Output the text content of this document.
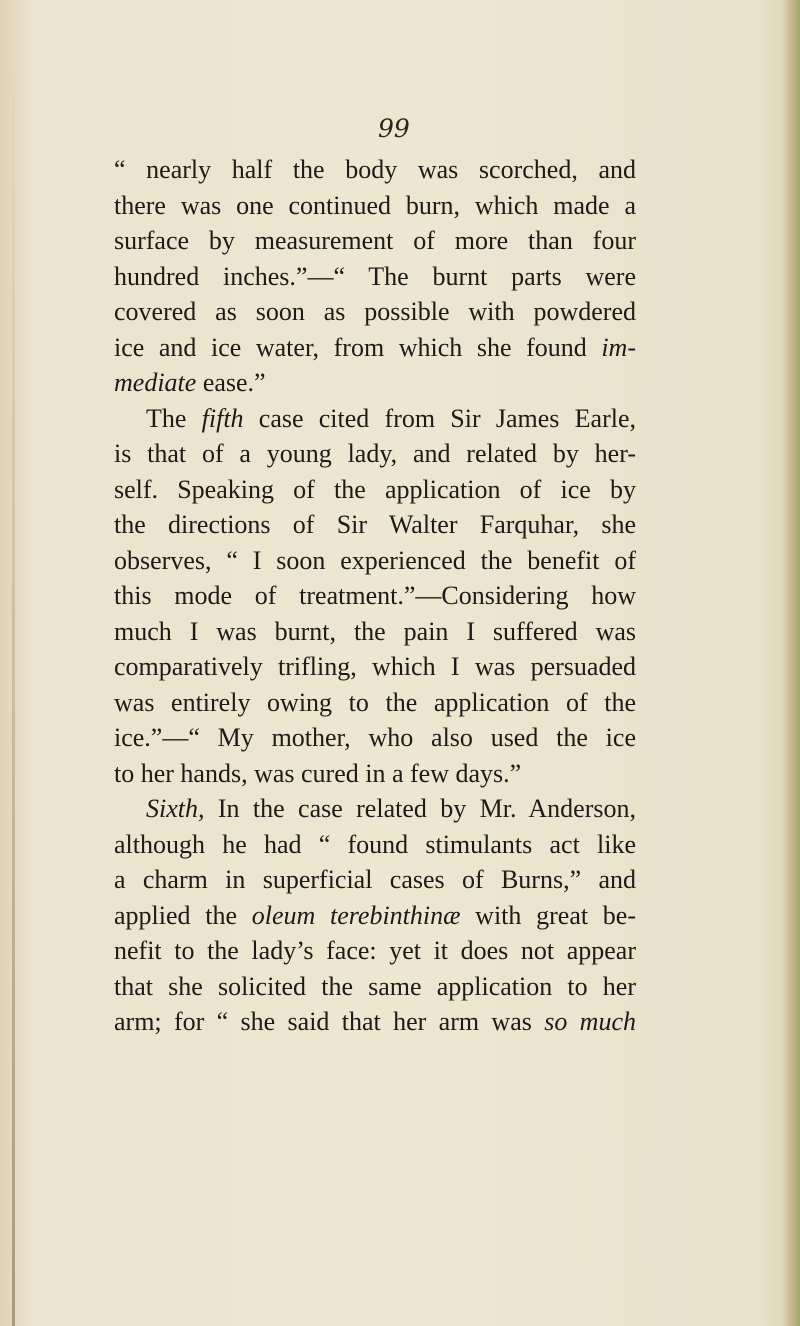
99
“ nearly half the body was scorched, and
there was one continued burn, which made a
surface by measurement of more than four
hundred inches.”—“ The burnt parts were
covered as soon as possible with powdered
ice and ice water, from which she found im-
mediate ease.”
The fifth case cited from Sir James Earle,
is that of a young lady, and related by her-
self. Speaking of the application of ice by
the directions of Sir Walter Farquhar, she
observes, “ I soon experienced the benefit of
this mode of treatment.”—Considering how
much I was burnt, the pain I suffered was
comparatively trifling, which I was persuaded
was entirely owing to the application of the
ice.”—“ My mother, who also used the ice
to her hands, was cured in a few days.”
Sixth, In the case related by Mr. Anderson,
although he had “ found stimulants act like
a charm in superficial cases of Burns,” and
applied the oleum terebinthinæ with great be-
nefit to the lady’s face: yet it does not appear
that she solicited the same application to her
arm; for “ she said that her arm was so much
